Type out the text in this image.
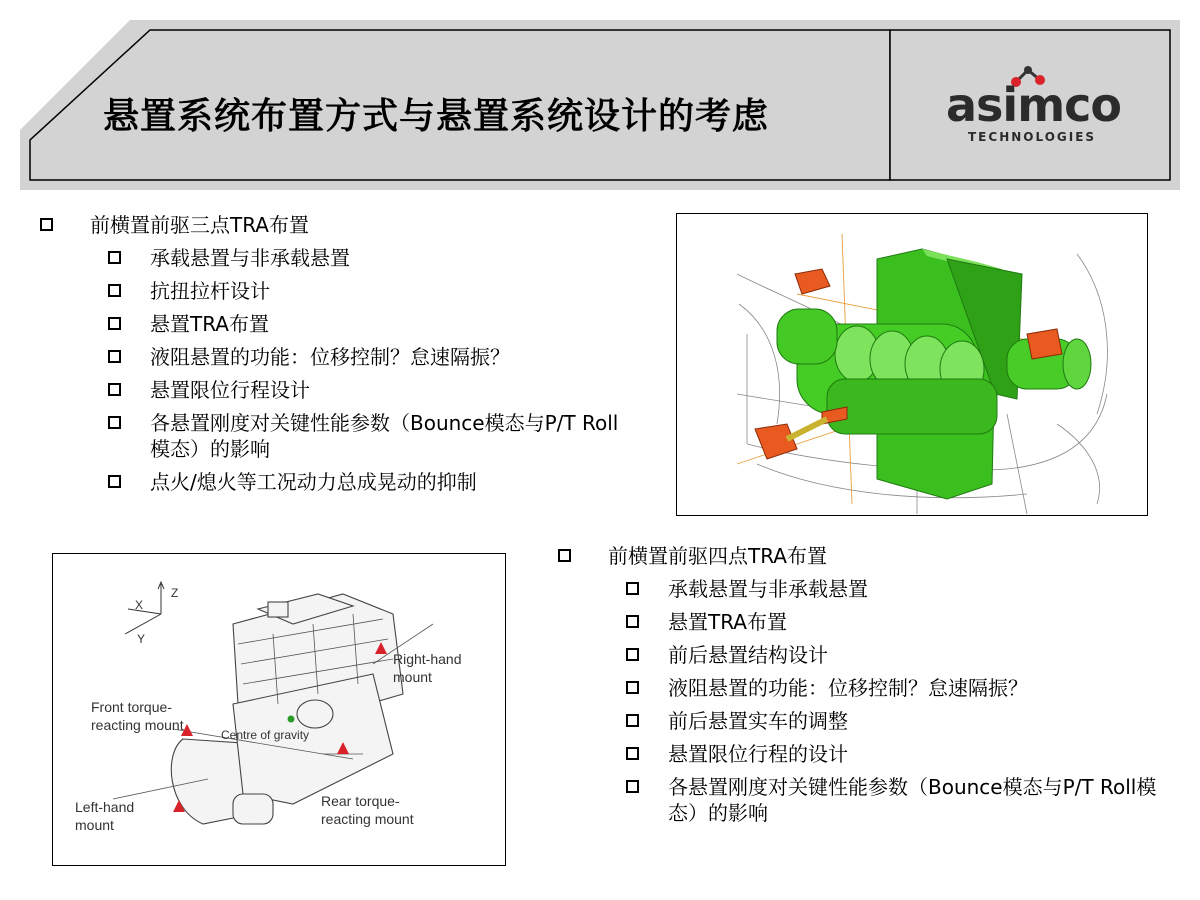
悬置系统布置方式与悬置系统设计的考虑	asimco
TECHNOLOGIES
前横置前驱三点TRA布置
承载悬置与非承载悬置
抗扭拉杆设计
悬置TRA布置
液阻悬置的功能：位移控制？怠速隔振？
悬置限位行程设计
各悬置刚度对关键性能参数（Bounce模态与P/T Roll模态）的影响
点火/熄火等工况动力总成晃动的抑制
Z
X
Y
Right-hand
mount
Front torque-
reacting mount
Centre of gravity
Left-hand
mount
Rear torque-
reacting mount
前横置前驱四点TRA布置
承载悬置与非承载悬置
悬置TRA布置
前后悬置结构设计
液阻悬置的功能：位移控制？怠速隔振？
前后悬置实车的调整
悬置限位行程的设计
各悬置刚度对关键性能参数（Bounce模态与P/T Roll模态）的影响
